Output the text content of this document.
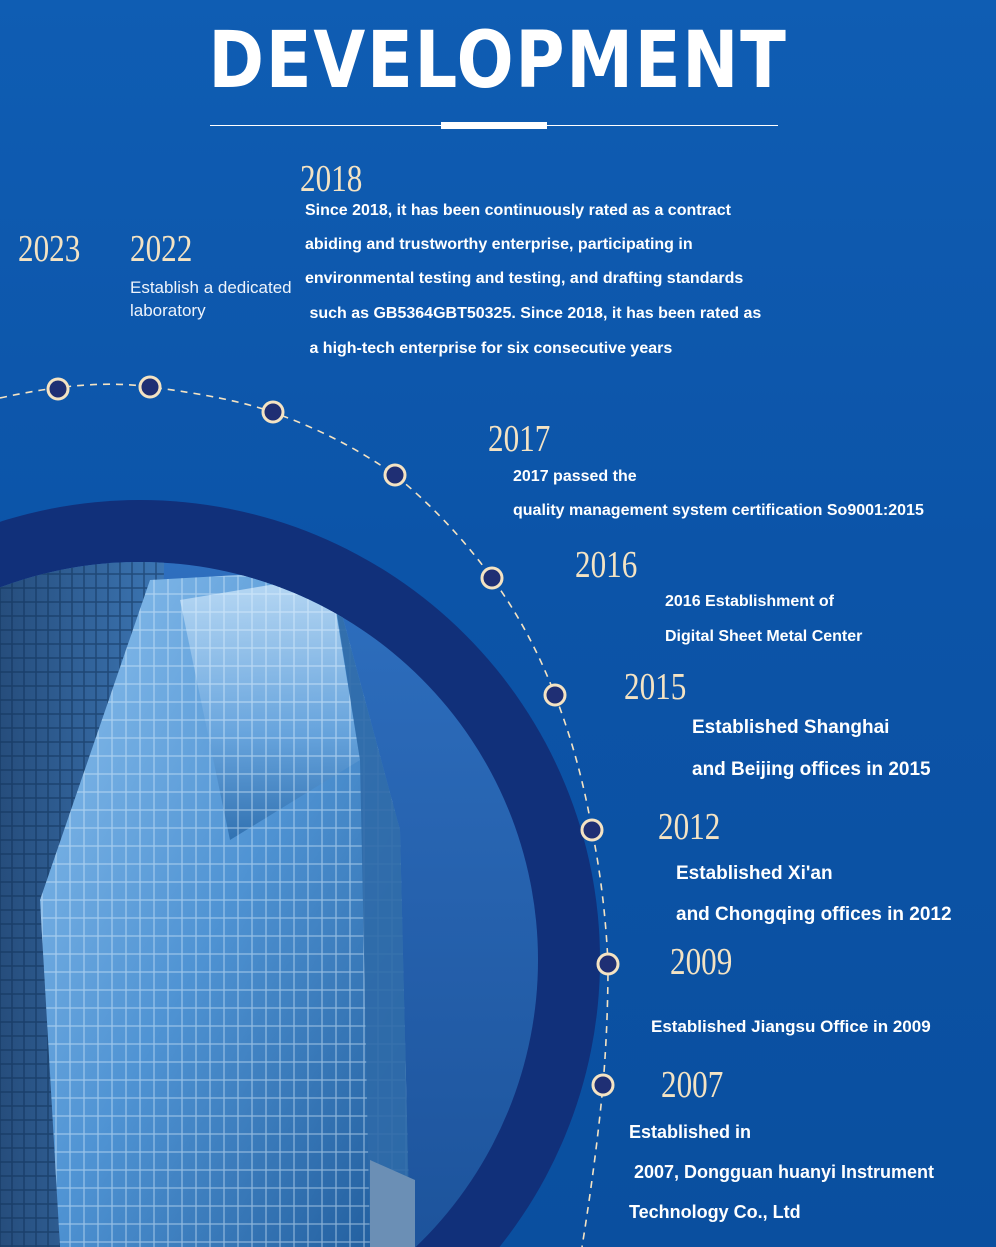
DEVELOPMENT
2023 2022
Establish a dedicated
laboratory
2018
Since 2018, it has been continuously rated as a contract
abiding and trustworthy enterprise, participating in
environmental testing and testing, and drafting standards
such as GB5364GBT50325. Since 2018, it has been rated as
a high-tech enterprise for six consecutive years
2017
2017 passed the
quality management system certification So9001:2015
2016
2016 Establishment of
Digital Sheet Metal Center
2015
Established Shanghai
and Beijing offices in 2015
2012
Established Xi'an
and Chongqing offices in 2012
2009
Established Jiangsu Office in 2009
2007
Established in
2007, Dongguan huanyi Instrument
Technology Co., Ltd
